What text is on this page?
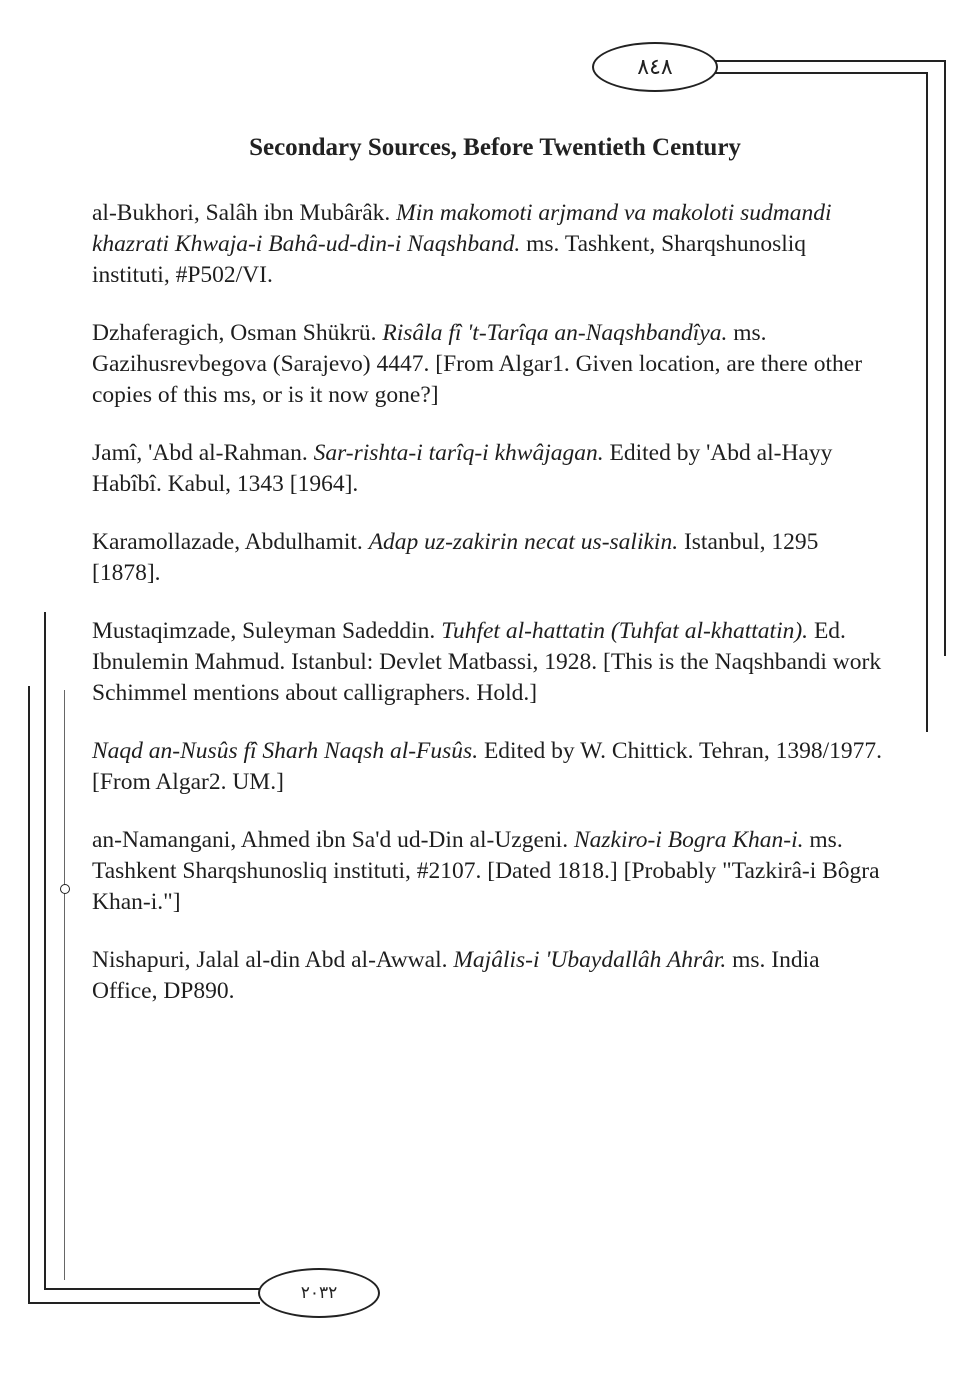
٨٤٨
٢٠٣٢
Secondary Sources, Before Twentieth Century

al-Bukhori, Salâh ibn Mubârâk. Min makomoti arjmand va makoloti sudmandi khazrati Khwaja-i Bahâ-ud-din-i Naqshband. ms. Tashkent, Sharqshunosliq instituti, #P502/VI.

Dzhaferagich, Osman Shükrü. Risâla fî 't-Tarîqa an-Naqshbandîya. ms. Gazihusrevbegova (Sarajevo) 4447. [From Algar1. Given location, are there other copies of this ms, or is it now gone?]

Jamî, 'Abd al-Rahman. Sar-rishta-i tarîq-i khwâjagan. Edited by 'Abd al-Hayy Habîbî. Kabul, 1343 [1964].

Karamollazade, Abdulhamit. Adap uz-zakirin necat us-salikin. Istanbul, 1295 [1878].

Mustaqimzade, Suleyman Sadeddin. Tuhfet al-hattatin (Tuhfat al-khattatin). Ed. Ibnulemin Mahmud. Istanbul: Devlet Matbassi, 1928. [This is the Naqshbandi work Schimmel mentions about calligraphers. Hold.]

Naqd an-Nusûs fî Sharh Naqsh al-Fusûs. Edited by W. Chittick. Tehran, 1398/1977. [From Algar2. UM.]

an-Namangani, Ahmed ibn Sa'd ud-Din al-Uzgeni. Nazkiro-i Bogra Khan-i. ms. Tashkent Sharqshunosliq instituti, #2107. [Dated 1818.] [Probably "Tazkirâ-i Bôgra Khan-i."]

Nishapuri, Jalal al-din Abd al-Awwal. Majâlis-i 'Ubaydallâh Ahrâr. ms. India Office, DP890.
